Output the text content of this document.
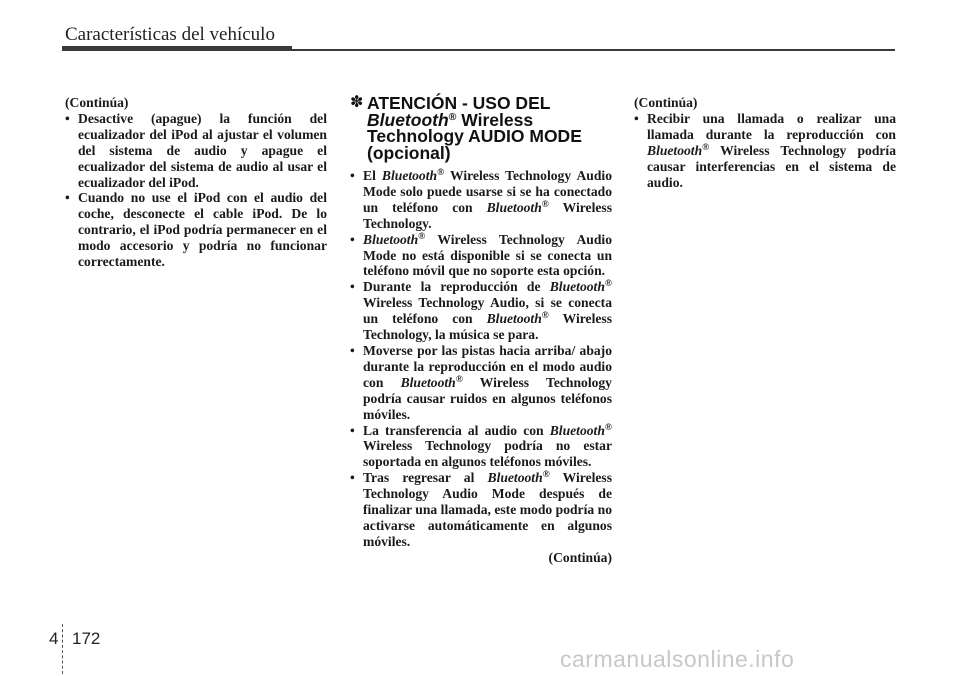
Características del vehículo
(Continúa)
• Desactive (apague) la función del ecualizador del iPod al ajustar el volumen del sistema de audio y apague el ecualizador del sistema de audio al usar el ecualizador del iPod.
• Cuando no use el iPod con el audio del coche, desconecte el cable iPod. De lo contrario, el iPod podría permanecer en el modo accesorio y podría no funcionar correctamente.
✽ ATENCIÓN - USO DEL
Bluetooth® Wireless
Technology AUDIO MODE
(opcional)
• El Bluetooth® Wireless Technology Audio Mode solo puede usarse si se ha conectado un teléfono con Bluetooth® Wireless Technology.
• Bluetooth® Wireless Technology Audio Mode no está disponible si se conecta un teléfono móvil que no soporte esta opción.
• Durante la reproducción de Bluetooth® Wireless Technology Audio, si se conecta un teléfono con Bluetooth® Wireless Technology, la música se para.
• Moverse por las pistas hacia arriba/ abajo durante la reproducción en el modo audio con Bluetooth® Wireless Technology podría causar ruidos en algunos teléfonos móviles.
• La transferencia al audio con Bluetooth® Wireless Technology podría no estar soportada en algunos teléfonos móviles.
• Tras regresar al Bluetooth® Wireless Technology Audio Mode después de finalizar una llamada, este modo podría no activarse automáticamente en algunos móviles.
(Continúa)
(Continúa)
• Recibir una llamada o realizar una llamada durante la reproducción con Bluetooth® Wireless Technology podría causar interferencias en el sistema de audio.
4 172
carmanualsonline.info
